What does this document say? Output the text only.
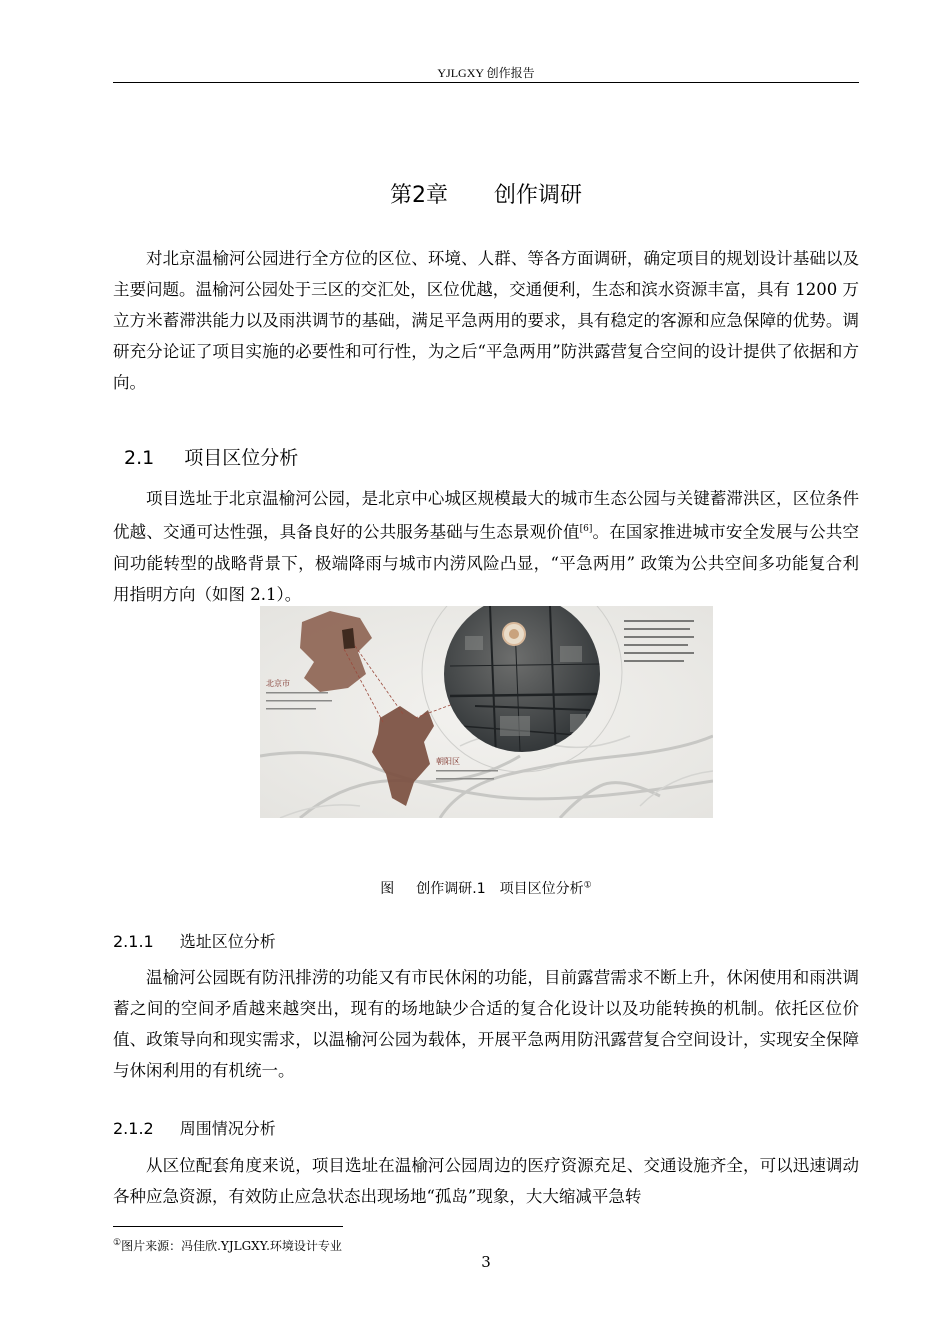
YJLGXY 创作报告
第2章 创作调研

对北京温榆河公园进行全方位的区位、环境、人群、等各方面调研，确定项目的规划设计基础以及主要问题。温榆河公园处于三区的交汇处，区位优越，交通便利，生态和滨水资源丰富，具有 1200 万立方米蓄滞洪能力以及雨洪调节的基础，满足平急两用的要求，具有稳定的客源和应急保障的优势。调研充分论证了项目实施的必要性和可行性，为之后“平急两用”防洪露营复合空间的设计提供了依据和方向。

2.1 项目区位分析

项目选址于北京温榆河公园，是北京中心城区规模最大的城市生态公园与关键蓄滞洪区，区位条件优越、交通可达性强，具备良好的公共服务基础与生态景观价值[6]。在国家推进城市安全发展与公共空间功能转型的战略背景下，极端降雨与城市内涝风险凸显，“平急两用” 政策为公共空间多功能复合利用指明方向（如图 2.1）。

北京市
朝阳区
图 创作调研.1　项目区位分析①
2.1.1 选址区位分析

温榆河公园既有防汛排涝的功能又有市民休闲的功能，目前露营需求不断上升，休闲使用和雨洪调蓄之间的空间矛盾越来越突出，现有的场地缺少合适的复合化设计以及功能转换的机制。依托区位价值、政策导向和现实需求，以温榆河公园为载体，开展平急两用防汛露营复合空间设计，实现安全保障与休闲利用的有机统一。

2.1.2 周围情况分析

从区位配套角度来说，项目选址在温榆河公园周边的医疗资源充足、交通设施齐全，可以迅速调动各种应急资源，有效防止应急状态出现场地“孤岛”现象，大大缩减平急转

①图片来源：冯佳欣.YJLGXY.环境设计专业
3
